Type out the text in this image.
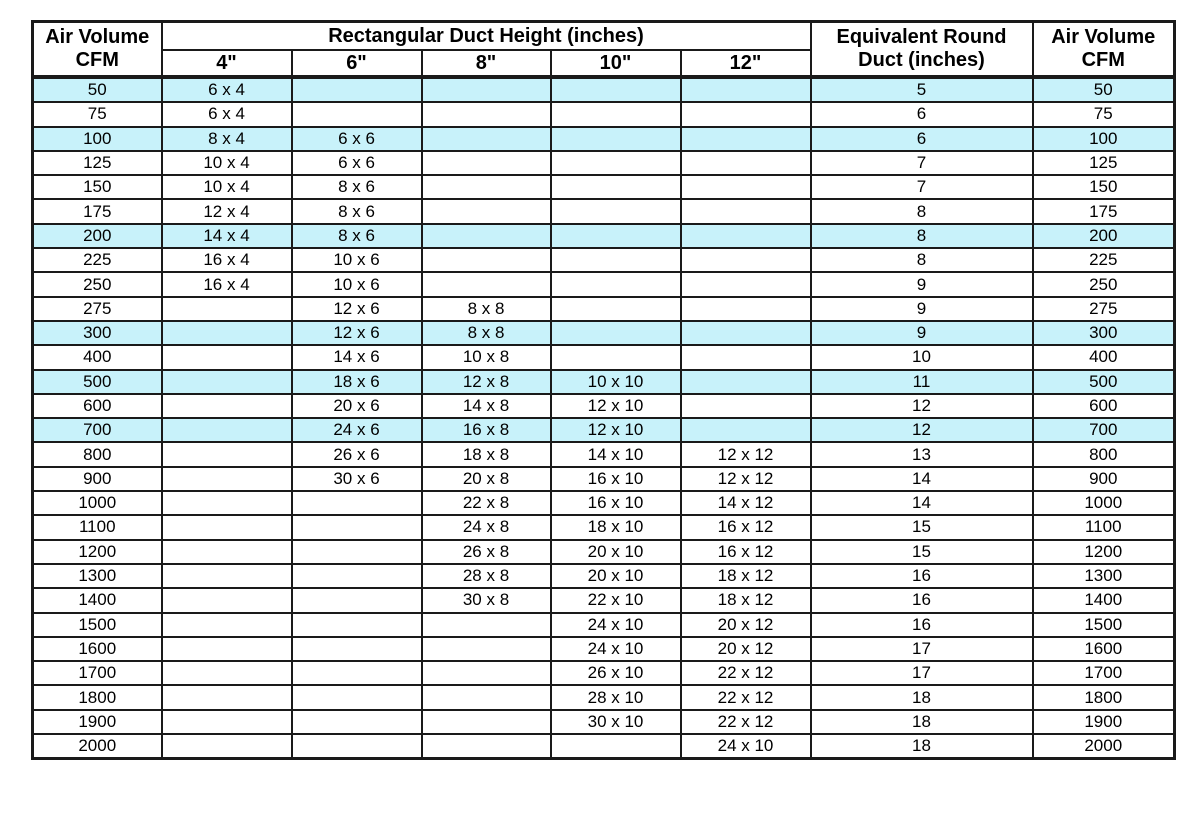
Air Volume
CFM	Rectangular Duct Height (inches)					Equivalent Round
Duct (inches)	Air Volume
CFM
	4"	6"	8"	10"	12"		
50	6 x 4					5	50
75	6 x 4					6	75
100	8 x 4	6 x 6				6	100
125	10 x 4	6 x 6				7	125
150	10 x 4	8 x 6				7	150
175	12 x 4	8 x 6				8	175
200	14 x 4	8 x 6				8	200
225	16 x 4	10 x 6				8	225
250	16 x 4	10 x 6				9	250
275		12 x 6	8 x 8			9	275
300		12 x 6	8 x 8			9	300
400		14 x 6	10 x 8			10	400
500		18 x 6	12 x 8	10 x 10		11	500
600		20 x 6	14 x 8	12 x 10		12	600
700		24 x 6	16 x 8	12 x 10		12	700
800		26 x 6	18 x 8	14 x 10	12 x 12	13	800
900		30 x 6	20 x 8	16 x 10	12 x 12	14	900
1000			22 x 8	16 x 10	14 x 12	14	1000
1100			24 x 8	18 x 10	16 x 12	15	1100
1200			26 x 8	20 x 10	16 x 12	15	1200
1300			28 x 8	20 x 10	18 x 12	16	1300
1400			30 x 8	22 x 10	18 x 12	16	1400
1500				24 x 10	20 x 12	16	1500
1600				24 x 10	20 x 12	17	1600
1700				26 x 10	22 x 12	17	1700
1800				28 x 10	22 x 12	18	1800
1900				30 x 10	22 x 12	18	1900
2000					24 x 10	18	2000
